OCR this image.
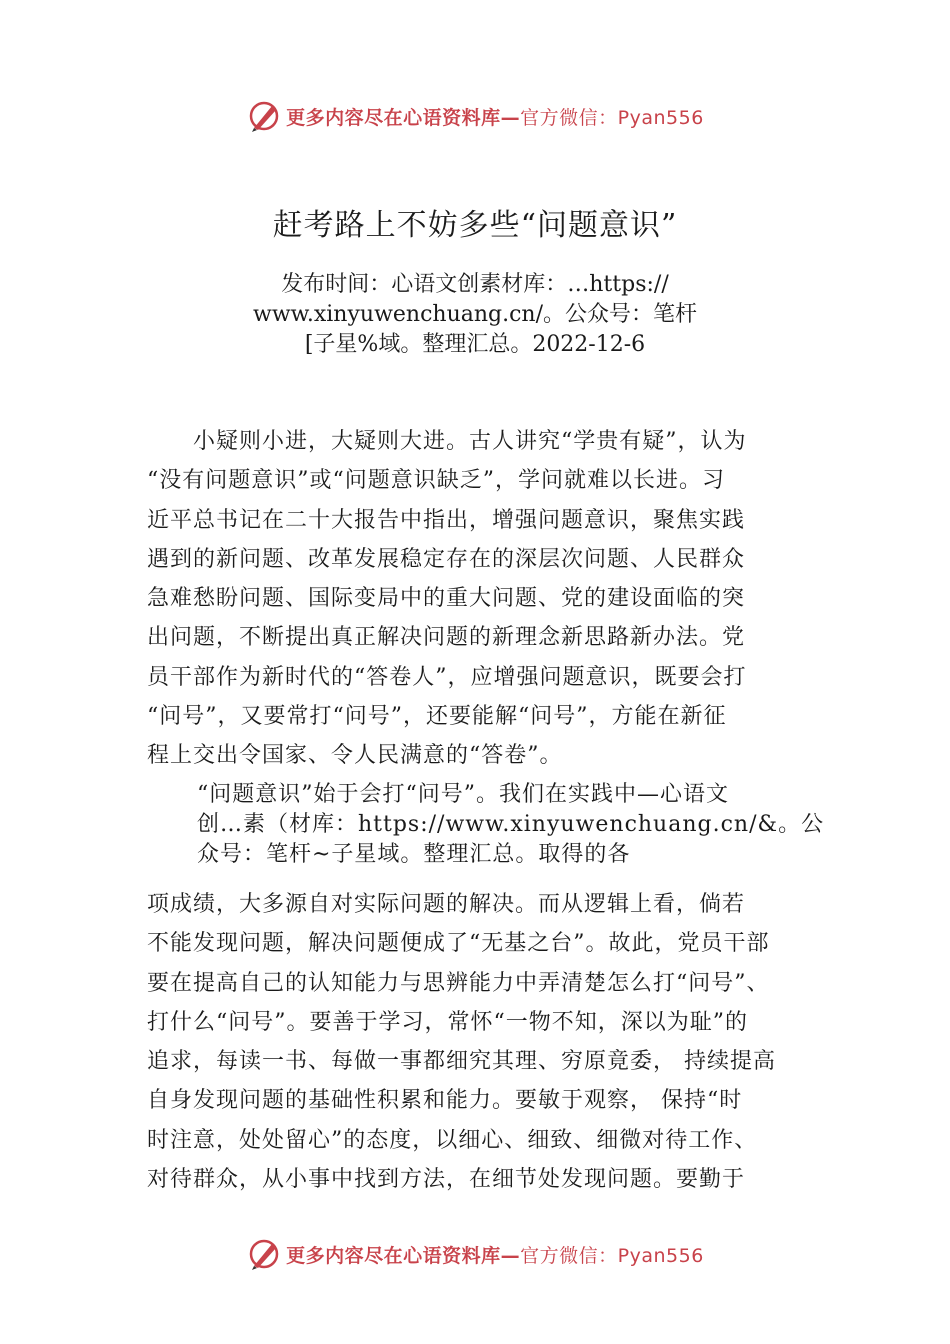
更多内容尽在心语资料库—官方微信：Pyan556
赶考路上不妨多些“问题意识”
发布时间：心语文创素材库：…https://
www.xinyuwenchuang.cn/。公众号：笔杆
[子星%域。整理汇总。2022-12-6
　　小疑则小进，大疑则大进。古人讲究“学贵有疑”，认为
“没有问题意识”或“问题意识缺乏”，学问就难以长进。习
近平总书记在二十大报告中指出，增强问题意识，聚焦实践
遇到的新问题、改革发展稳定存在的深层次问题、人民群众
急难愁盼问题、国际变局中的重大问题、党的建设面临的突
出问题，不断提出真正解决问题的新理念新思路新办法。党
员干部作为新时代的“答卷人”，应增强问题意识，既要会打
“问号”，又要常打“问号”，还要能解“问号”，方能在新征
程上交出令国家、令人民满意的“答卷”。
“问题意识”始于会打“问号”。我们在实践中—心语文
创…素（材库：https://www.xinyuwenchuang.cn/&。公
众号：笔杆~子星域。整理汇总。取得的各
项成绩，大多源自对实际问题的解决。而从逻辑上看，倘若
不能发现问题，解决问题便成了“无基之台”。故此，党员干部
要在提高自己的认知能力与思辨能力中弄清楚怎么打“问号”、
打什么“问号”。要善于学习，常怀“一物不知，深以为耻”的
追求，每读一书、每做一事都细究其理、穷原竟委， 持续提高
自身发现问题的基础性积累和能力。要敏于观察， 保持“时
时注意，处处留心”的态度，以细心、细致、细微对待工作、
对待群众，从小事中找到方法，在细节处发现问题。要勤于
更多内容尽在心语资料库—官方微信：Pyan556
